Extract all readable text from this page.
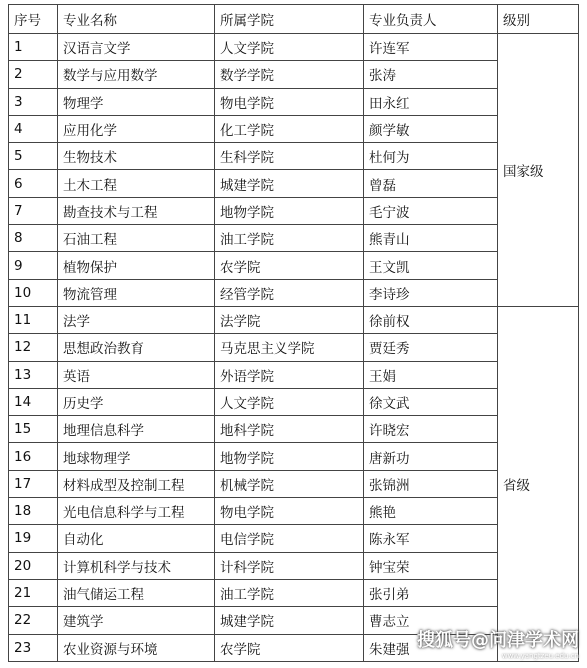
序号	专业名称	所属学院	专业负责人	级别
1	汉语言文学	人文学院	许连军	国家级
2	数学与应用数学	数学学院	张涛	
3	物理学	物电学院	田永红	
4	应用化学	化工学院	颜学敏	
5	生物技术	生科学院	杜何为	
6	土木工程	城建学院	曾磊	
7	勘查技术与工程	地物学院	毛宁波	
8	石油工程	油工学院	熊青山	
9	植物保护	农学院	王文凯	
10	物流管理	经管学院	李诗珍	
11	法学	法学院	徐前权	省级
12	思想政治教育	马克思主义学院	贾廷秀	
13	英语	外语学院	王娟	
14	历史学	人文学院	徐文武	
15	地理信息科学	地科学院	许晓宏	
16	地球物理学	地物学院	唐新功	
17	材料成型及控制工程	机械学院	张锦洲	
18	光电信息科学与工程	物电学院	熊艳	
19	自动化	电信学院	陈永军	
20	计算机科学与技术	计科学院	钟宝荣	
21	油气储运工程	油工学院	张引弟	
22	建筑学	城建学院	曹志立	
23	农业资源与环境	农学院	朱建强	搜狐号@问津学术网
www.yangtzeu.edu.cn
